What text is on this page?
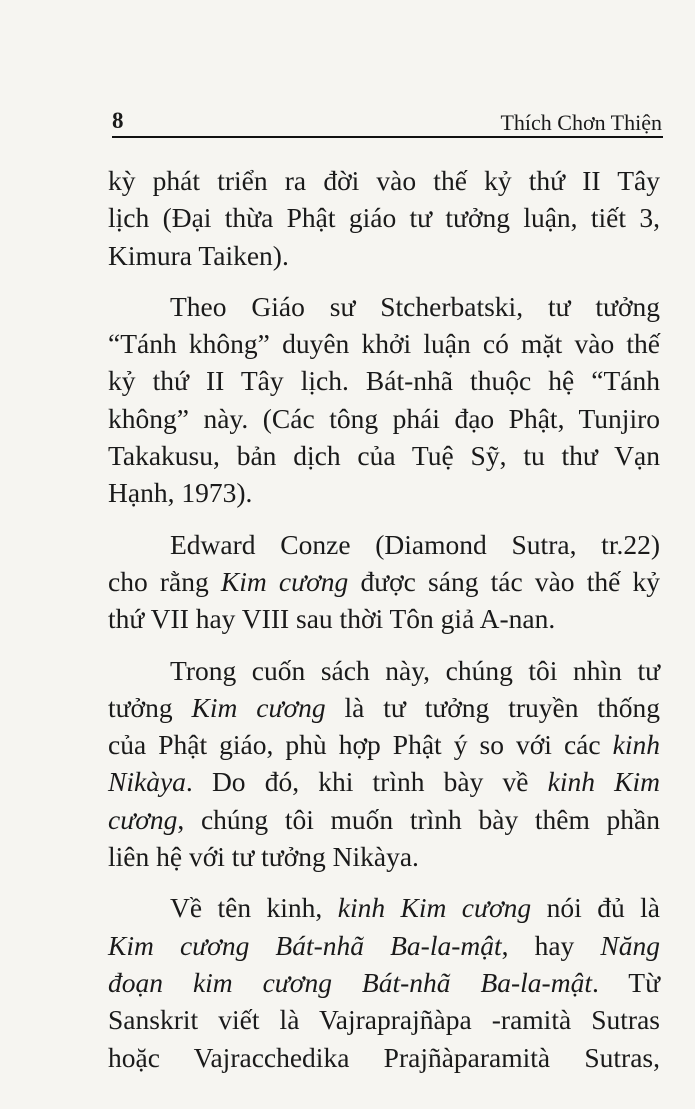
8	Thích Chơn Thiện
kỳ phát triển ra đời vào thế kỷ thứ II Tây
lịch (Đại thừa Phật giáo tư tưởng luận, tiết 3,
Kimura Taiken).
Theo Giáo sư Stcherbatski, tư tưởng
“Tánh không” duyên khởi luận có mặt vào thế
kỷ thứ II Tây lịch. Bát-nhã thuộc hệ “Tánh
không” này. (Các tông phái đạo Phật, Tunjiro
Takakusu, bản dịch của Tuệ Sỹ, tu thư Vạn
Hạnh, 1973).
Edward Conze (Diamond Sutra, tr.22)
cho rằng Kim cương được sáng tác vào thế kỷ
thứ VII hay VIII sau thời Tôn giả A-nan.
Trong cuốn sách này, chúng tôi nhìn tư
tưởng Kim cương là tư tưởng truyền thống
của Phật giáo, phù hợp Phật ý so với các kinh
Nikàya. Do đó, khi trình bày về kinh Kim
cương, chúng tôi muốn trình bày thêm phần
liên hệ với tư tưởng Nikàya.
Về tên kinh, kinh Kim cương nói đủ là
Kim cương Bát-nhã Ba-la-mật, hay Năng
đoạn kim cương Bát-nhã Ba-la-mật. Từ
Sanskrit viết là Vajraprajñàpa -ramità Sutras
hoặc Vajracchedika Prajñàparamità Sutras,
